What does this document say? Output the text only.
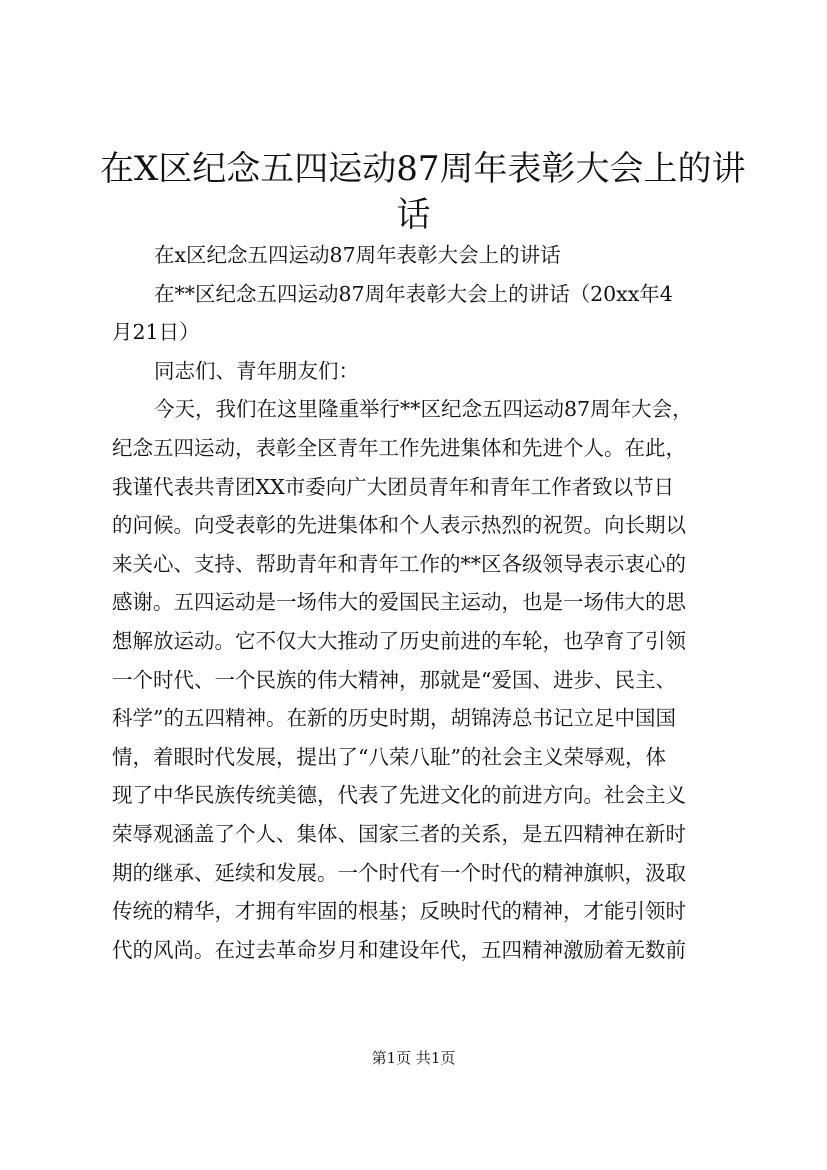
在X区纪念五四运动87周年表彰大会上的讲
话

在x区纪念五四运动87周年表彰大会上的讲话

在**区纪念五四运动87周年表彰大会上的讲话（20xx年4
月21日）

同志们、青年朋友们：

今天，我们在这里隆重举行**区纪念五四运动87周年大会，
纪念五四运动，表彰全区青年工作先进集体和先进个人。在此，
我谨代表共青团XX市委向广大团员青年和青年工作者致以节日
的问候。向受表彰的先进集体和个人表示热烈的祝贺。向长期以
来关心、支持、帮助青年和青年工作的**区各级领导表示衷心的
感谢。五四运动是一场伟大的爱国民主运动，也是一场伟大的思
想解放运动。它不仅大大推动了历史前进的车轮，也孕育了引领
一个时代、一个民族的伟大精神，那就是“爱国、进步、民主、
科学”的五四精神。在新的历史时期，胡锦涛总书记立足中国国
情，着眼时代发展，提出了“八荣八耻”的社会主义荣辱观，体
现了中华民族传统美德，代表了先进文化的前进方向。社会主义
荣辱观涵盖了个人、集体、国家三者的关系，是五四精神在新时
期的继承、延续和发展。一个时代有一个时代的精神旗帜，汲取
传统的精华，才拥有牢固的根基；反映时代的精神，才能引领时
代的风尚。在过去革命岁月和建设年代，五四精神激励着无数前

第1页 共1页
